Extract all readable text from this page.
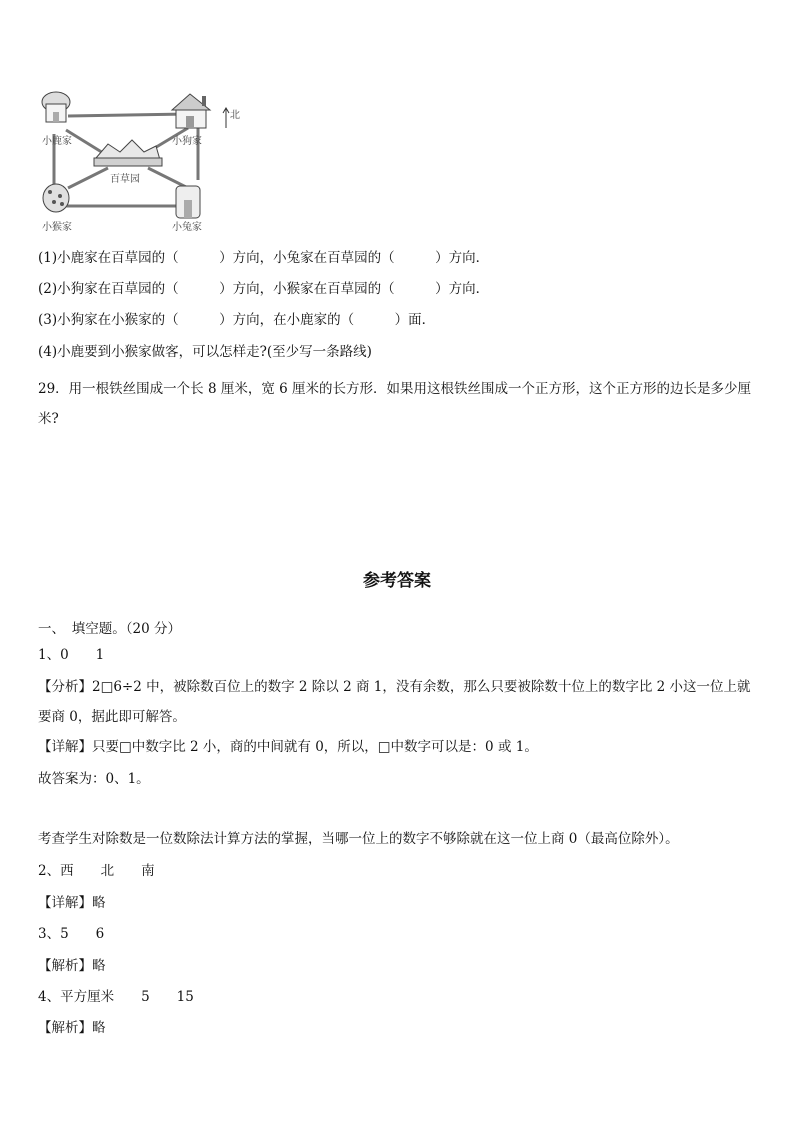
北
小鹿家	小狗家
百草园
小猴家	小兔家
(1)小鹿家在百草园的（　　　）方向，小兔家在百草园的（　　　）方向．
(2)小狗家在百草园的（　　　）方向，小猴家在百草园的（　　　）方向．
(3)小狗家在小猴家的（　　　）方向，在小鹿家的（　　　）面．
(4)小鹿要到小猴家做客，可以怎样走?(至少写一条路线)
29．用一根铁丝围成一个长 8 厘米，宽 6 厘米的长方形．如果用这根铁丝围成一个正方形，这个正方形的边长是多少厘米?
参考答案
一、　填空题。（20 分）
1、0　　1
【分析】2□6÷2 中，被除数百位上的数字 2 除以 2 商 1，没有余数，那么只要被除数十位上的数字比 2 小这一位上就要商 0，据此即可解答。
【详解】只要□中数字比 2 小，商的中间就有 0，所以，□中数字可以是：0 或 1。
故答案为：0、1。
考查学生对除数是一位数除法计算方法的掌握，当哪一位上的数字不够除就在这一位上商 0（最高位除外）。
2、西　　北　　南
【详解】略
3、5　　6
【解析】略
4、平方厘米　　5　　15
【解析】略
